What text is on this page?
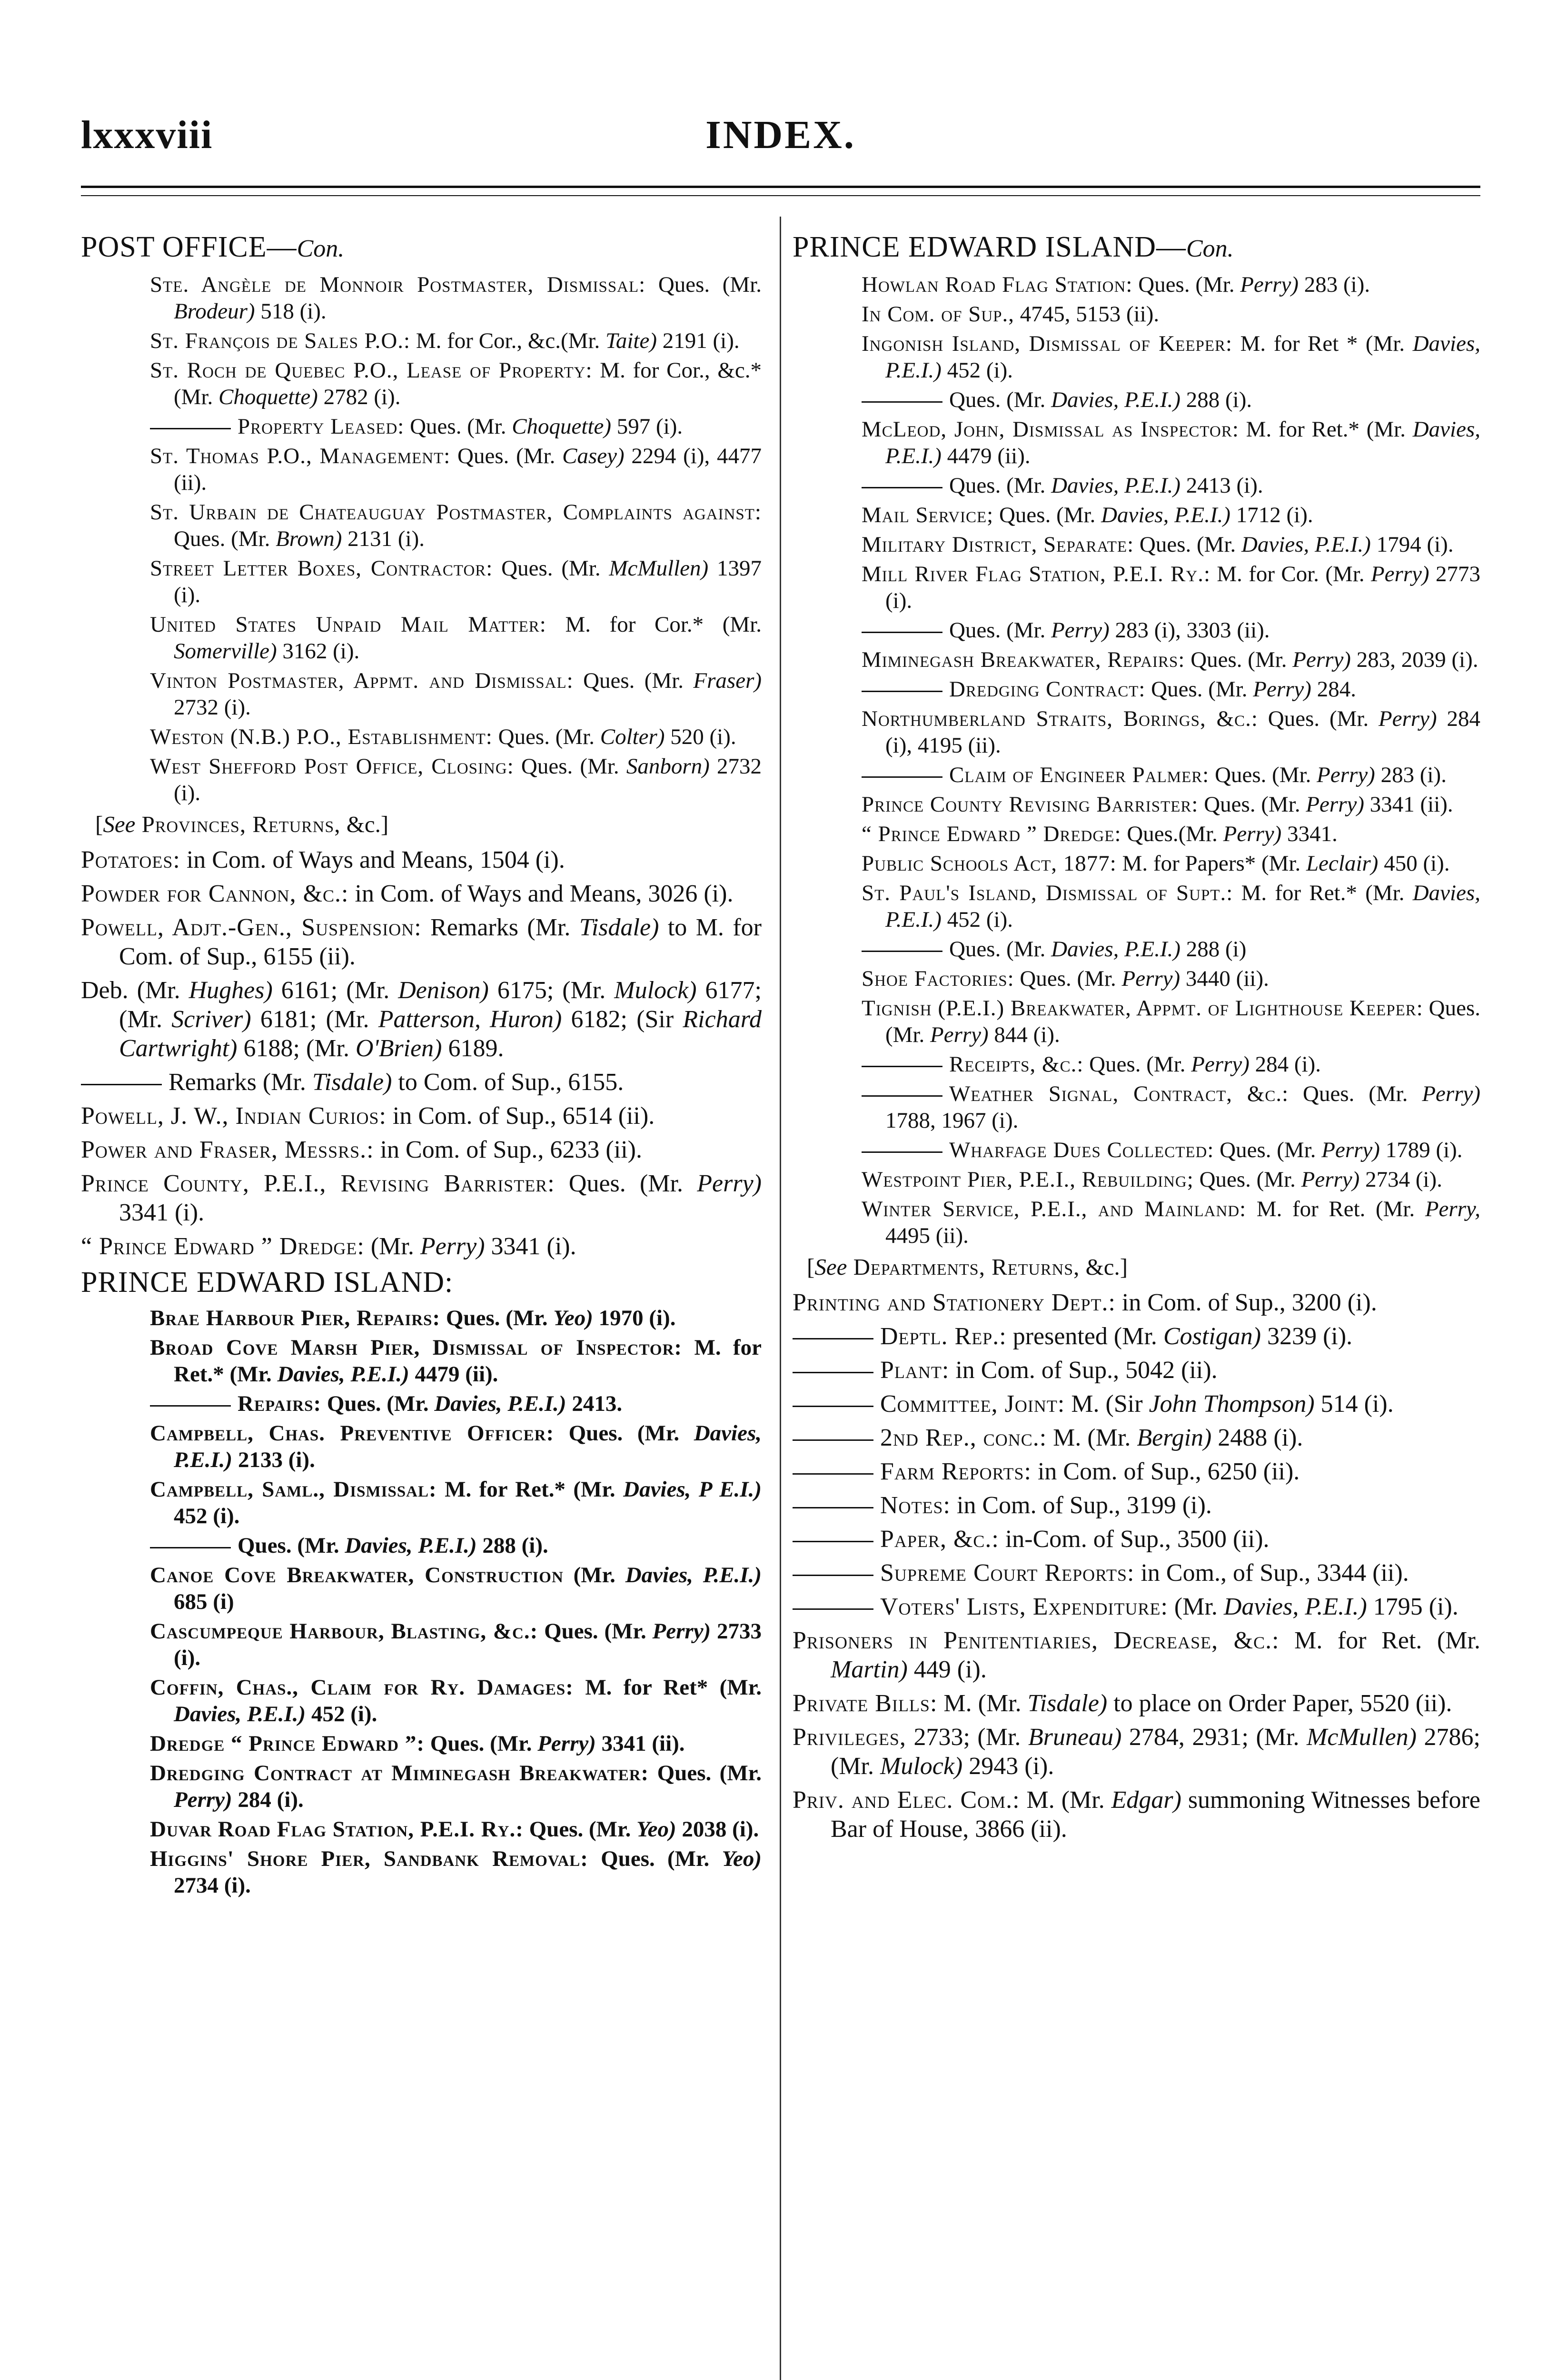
lxxxviii	INDEX.
POST OFFICE—Con.
Ste. Angèle de Monnoir Postmaster, Dismissal: Ques. (Mr. Brodeur) 518 (i).
St. François de Sales P.O.: M. for Cor., &c.(Mr. Taite) 2191 (i).
St. Roch de Quebec P.O., Lease of Property: M. for Cor., &c.* (Mr. Choquette) 2782 (i).
Property Leased: Ques. (Mr. Choquette) 597 (i).
St. Thomas P.O., Management: Ques. (Mr. Casey) 2294 (i), 4477 (ii).
St. Urbain de Chateauguay Postmaster, Complaints against: Ques. (Mr. Brown) 2131 (i).
Street Letter Boxes, Contractor: Ques. (Mr. McMullen) 1397 (i).
United States Unpaid Mail Matter: M. for Cor.* (Mr. Somerville) 3162 (i).
Vinton Postmaster, Appmt. and Dismissal: Ques. (Mr. Fraser) 2732 (i).
Weston (N.B.) P.O., Establishment: Ques. (Mr. Colter) 520 (i).
West Shefford Post Office, Closing: Ques. (Mr. Sanborn) 2732 (i).
[See Provinces, Returns, &c.]
Potatoes: in Com. of Ways and Means, 1504 (i).
Powder for Cannon, &c.: in Com. of Ways and Means, 3026 (i).
Powell, Adjt.-Gen., Suspension: Remarks (Mr. Tisdale) to M. for Com. of Sup., 6155 (ii).
Deb. (Mr. Hughes) 6161; (Mr. Denison) 6175; (Mr. Mulock) 6177; (Mr. Scriver) 6181; (Mr. Patterson, Huron) 6182; (Sir Richard Cartwright) 6188; (Mr. O'Brien) 6189.
Remarks (Mr. Tisdale) to Com. of Sup., 6155.
Powell, J. W., Indian Curios: in Com. of Sup., 6514 (ii).
Power and Fraser, Messrs.: in Com. of Sup., 6233 (ii).
Prince County, P.E.I., Revising Barrister: Ques. (Mr. Perry) 3341 (i).
“ Prince Edward ” Dredge: (Mr. Perry) 3341 (i).
PRINCE EDWARD ISLAND:
Brae Harbour Pier, Repairs: Ques. (Mr. Yeo) 1970 (i).
Broad Cove Marsh Pier, Dismissal of Inspector: M. for Ret.* (Mr. Davies, P.E.I.) 4479 (ii).
Repairs: Ques. (Mr. Davies, P.E.I.) 2413.
Campbell, Chas. Preventive Officer: Ques. (Mr. Davies, P.E.I.) 2133 (i).
Campbell, Saml., Dismissal: M. for Ret.* (Mr. Davies, P E.I.) 452 (i).
Ques. (Mr. Davies, P.E.I.) 288 (i).
Canoe Cove Breakwater, Construction (Mr. Davies, P.E.I.) 685 (i)
Cascumpeque Harbour, Blasting, &c.: Ques. (Mr. Perry) 2733 (i).
Coffin, Chas., Claim for Ry. Damages: M. for Ret* (Mr. Davies, P.E.I.) 452 (i).
Dredge “ Prince Edward ”: Ques. (Mr. Perry) 3341 (ii).
Dredging Contract at Miminegash Breakwater: Ques. (Mr. Perry) 284 (i).
Duvar Road Flag Station, P.E.I. Ry.: Ques. (Mr. Yeo) 2038 (i).
Higgins' Shore Pier, Sandbank Removal: Ques. (Mr. Yeo) 2734 (i).
PRINCE EDWARD ISLAND—Con.
Howlan Road Flag Station: Ques. (Mr. Perry) 283 (i).
In Com. of Sup., 4745, 5153 (ii).
Ingonish Island, Dismissal of Keeper: M. for Ret * (Mr. Davies, P.E.I.) 452 (i).
Ques. (Mr. Davies, P.E.I.) 288 (i).
McLeod, John, Dismissal as Inspector: M. for Ret.* (Mr. Davies, P.E.I.) 4479 (ii).
Ques. (Mr. Davies, P.E.I.) 2413 (i).
Mail Service; Ques. (Mr. Davies, P.E.I.) 1712 (i).
Military District, Separate: Ques. (Mr. Davies, P.E.I.) 1794 (i).
Mill River Flag Station, P.E.I. Ry.: M. for Cor. (Mr. Perry) 2773 (i).
Ques. (Mr. Perry) 283 (i), 3303 (ii).
Miminegash Breakwater, Repairs: Ques. (Mr. Perry) 283, 2039 (i).
Dredging Contract: Ques. (Mr. Perry) 284.
Northumberland Straits, Borings, &c.: Ques. (Mr. Perry) 284 (i), 4195 (ii).
Claim of Engineer Palmer: Ques. (Mr. Perry) 283 (i).
Prince County Revising Barrister: Ques. (Mr. Perry) 3341 (ii).
“ Prince Edward ” Dredge: Ques.(Mr. Perry) 3341.
Public Schools Act, 1877: M. for Papers* (Mr. Leclair) 450 (i).
St. Paul's Island, Dismissal of Supt.: M. for Ret.* (Mr. Davies, P.E.I.) 452 (i).
Ques. (Mr. Davies, P.E.I.) 288 (i)
Shoe Factories: Ques. (Mr. Perry) 3440 (ii).
Tignish (P.E.I.) Breakwater, Appmt. of Lighthouse Keeper: Ques. (Mr. Perry) 844 (i).
Receipts, &c.: Ques. (Mr. Perry) 284 (i).
Weather Signal, Contract, &c.: Ques. (Mr. Perry) 1788, 1967 (i).
Wharfage Dues Collected: Ques. (Mr. Perry) 1789 (i).
Westpoint Pier, P.E.I., Rebuilding; Ques. (Mr. Perry) 2734 (i).
Winter Service, P.E.I., and Mainland: M. for Ret. (Mr. Perry, 4495 (ii).
[See Departments, Returns, &c.]
Printing and Stationery Dept.: in Com. of Sup., 3200 (i).
Deptl. Rep.: presented (Mr. Costigan) 3239 (i).
Plant: in Com. of Sup., 5042 (ii).
Committee, Joint: M. (Sir John Thompson) 514 (i).
2nd Rep., conc.: M. (Mr. Bergin) 2488 (i).
Farm Reports: in Com. of Sup., 6250 (ii).
Notes: in Com. of Sup., 3199 (i).
Paper, &c.: in-Com. of Sup., 3500 (ii).
Supreme Court Reports: in Com., of Sup., 3344 (ii).
Voters' Lists, Expenditure: (Mr. Davies, P.E.I.) 1795 (i).
Prisoners in Penitentiaries, Decrease, &c.: M. for Ret. (Mr. Martin) 449 (i).
Private Bills: M. (Mr. Tisdale) to place on Order Paper, 5520 (ii).
Privileges, 2733; (Mr. Bruneau) 2784, 2931; (Mr. McMullen) 2786; (Mr. Mulock) 2943 (i).
Priv. and Elec. Com.: M. (Mr. Edgar) summoning Witnesses before Bar of House, 3866 (ii).
